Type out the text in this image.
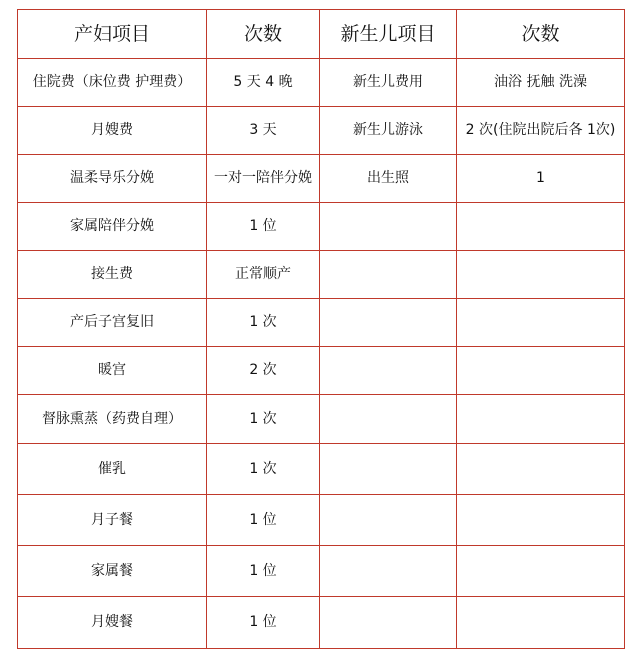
产妇项目	次数	新生儿项目	次数
住院费（床位费 护理费）	5 天 4 晚	新生儿费用	油浴 抚触 洗澡
月嫂费	3 天	新生儿游泳	2 次(住院出院后各 1次)
温柔导乐分娩	一对一陪伴分娩	出生照	1
家属陪伴分娩	1 位		
接生费	正常顺产		
产后子宫复旧	1 次		
暖宫	2 次		
督脉熏蒸（药费自理）	1 次		
催乳	1 次		
月子餐	1 位		
家属餐	1 位		
月嫂餐	1 位		
